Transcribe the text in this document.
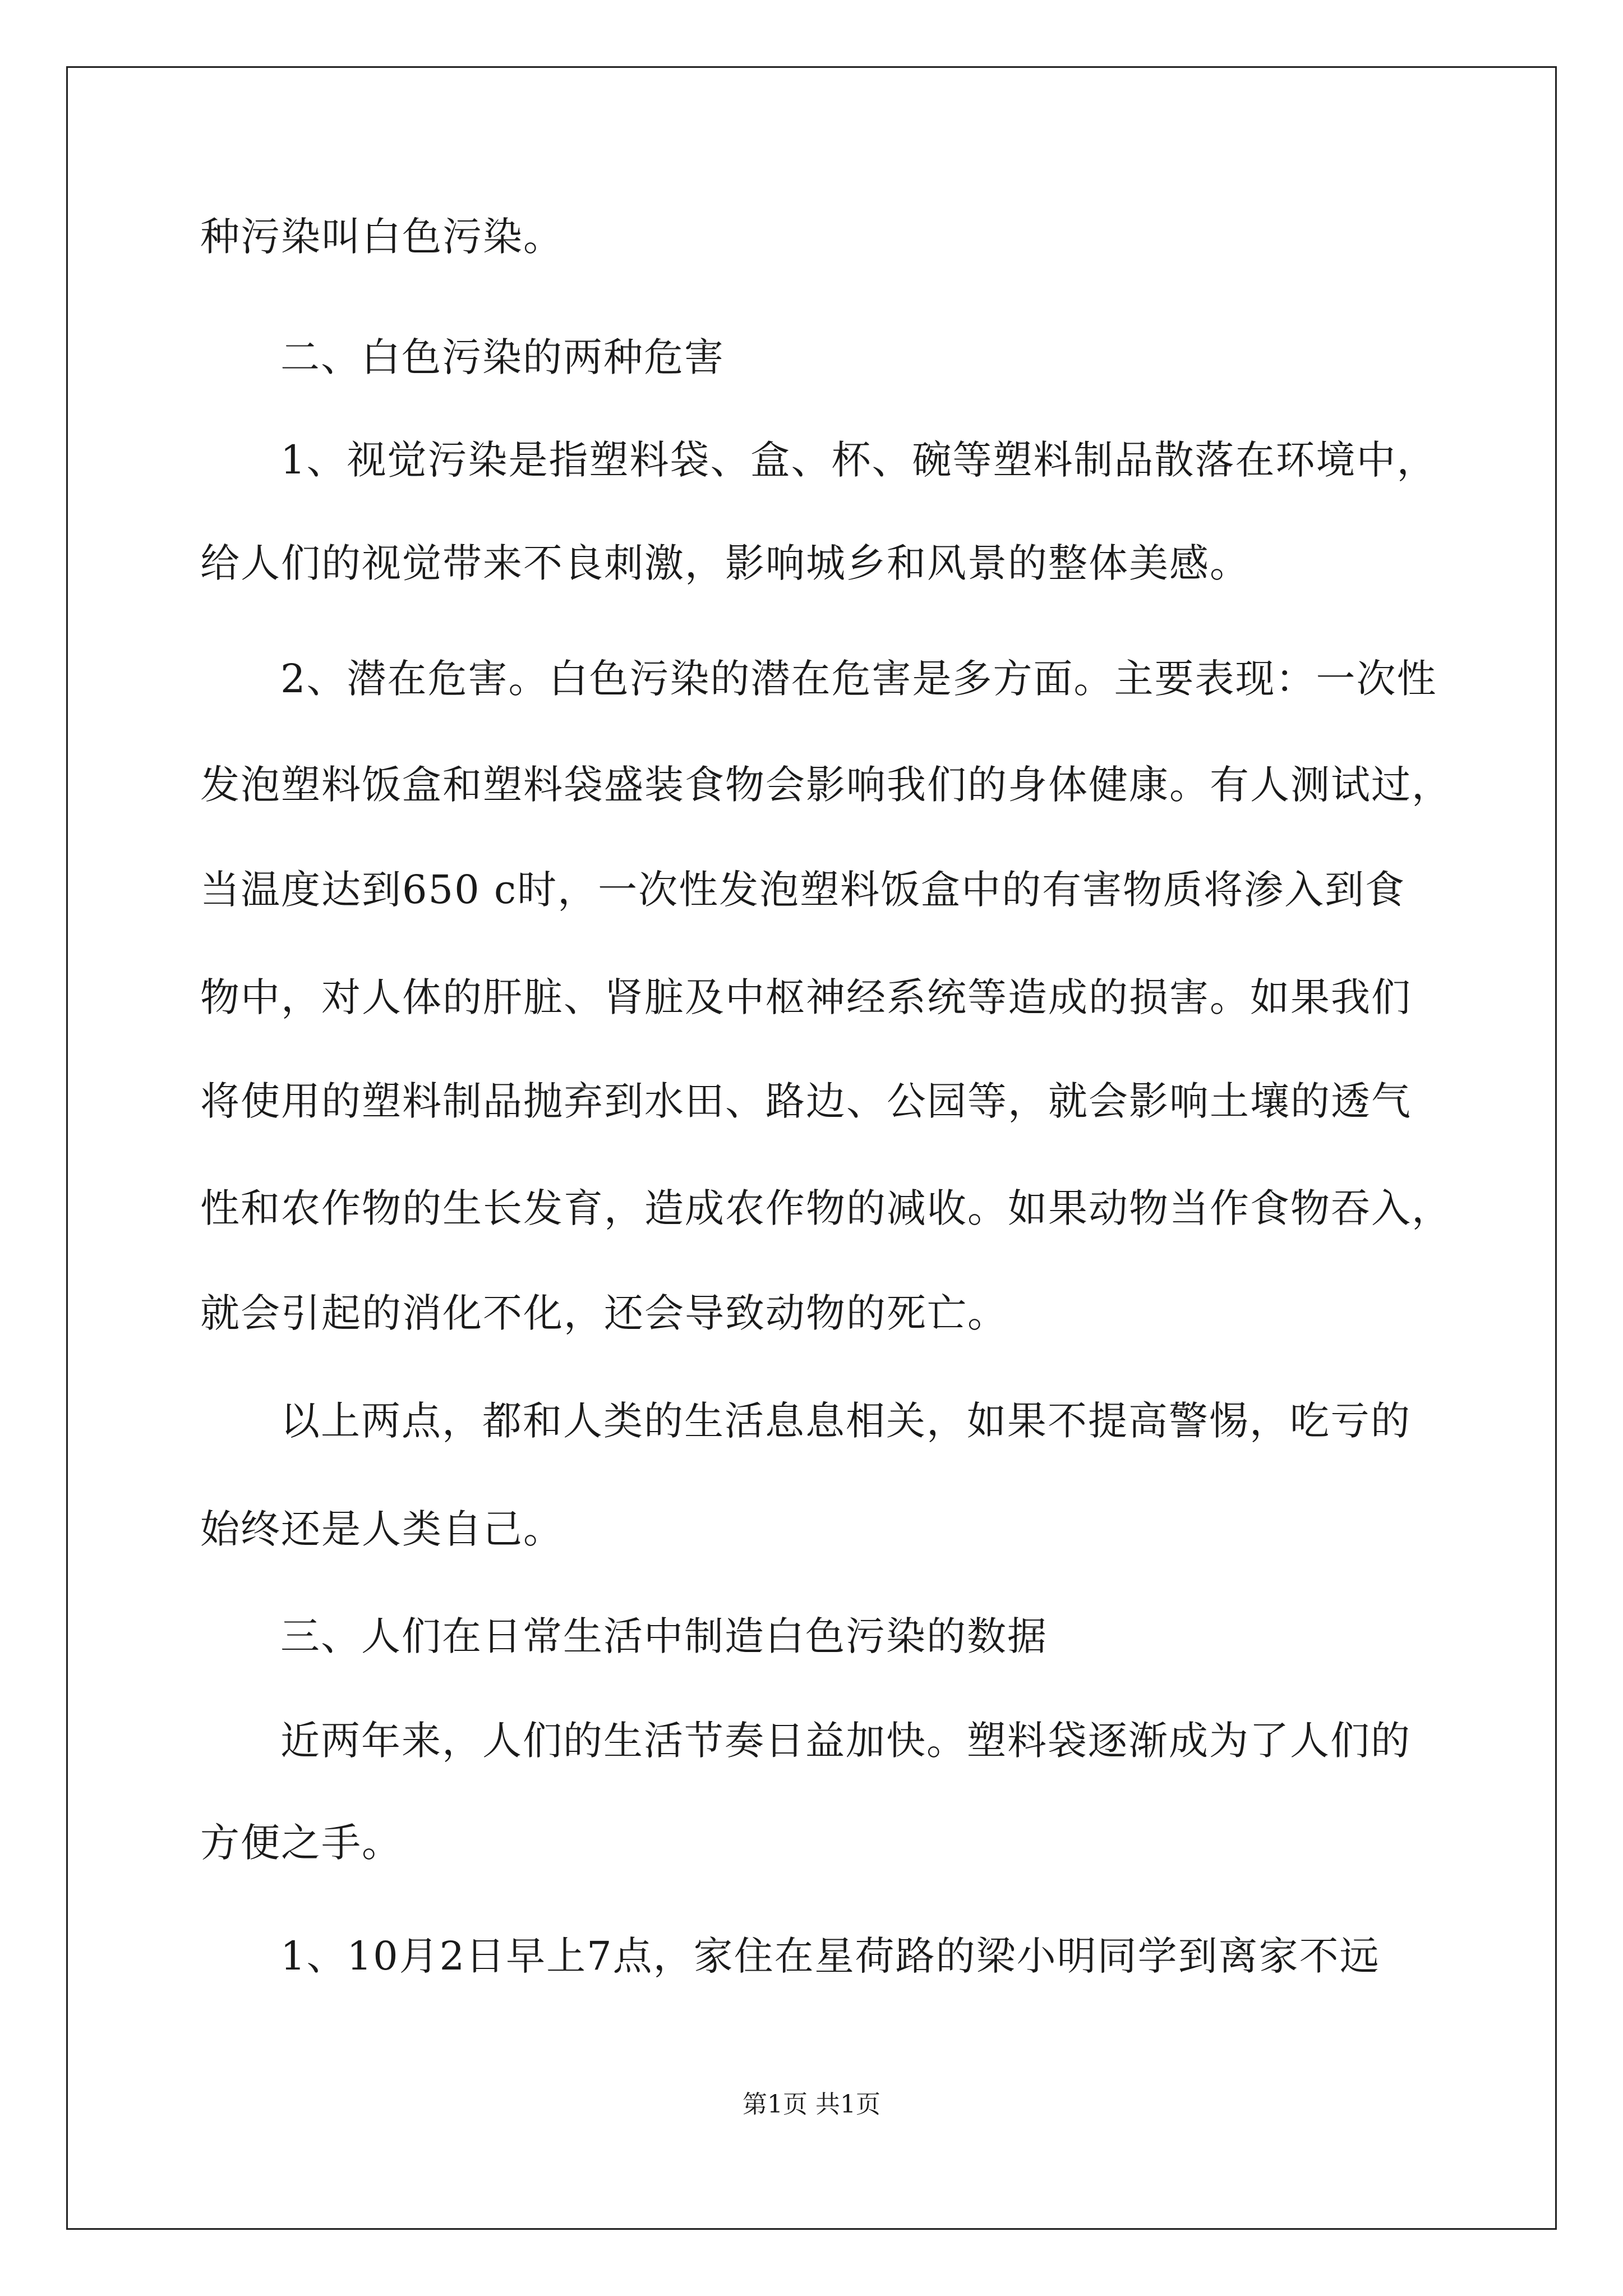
种污染叫白色污染。
二、白色污染的两种危害
1、视觉污染是指塑料袋、盒、杯、碗等塑料制品散落在环境中，
给人们的视觉带来不良刺激，影响城乡和风景的整体美感。
2、潜在危害。白色污染的潜在危害是多方面。主要表现：一次性
发泡塑料饭盒和塑料袋盛装食物会影响我们的身体健康。有人测试过，
当温度达到650 c时，一次性发泡塑料饭盒中的有害物质将渗入到食
物中，对人体的肝脏、肾脏及中枢神经系统等造成的损害。如果我们
将使用的塑料制品抛弃到水田、路边、公园等，就会影响土壤的透气
性和农作物的生长发育，造成农作物的减收。如果动物当作食物吞入，
就会引起的消化不化，还会导致动物的死亡。
以上两点，都和人类的生活息息相关，如果不提高警惕，吃亏的
始终还是人类自己。
三、人们在日常生活中制造白色污染的数据
近两年来，人们的生活节奏日益加快。塑料袋逐渐成为了人们的
方便之手。
1、10月2日早上7点，家住在星荷路的梁小明同学到离家不远
第1页 共1页
